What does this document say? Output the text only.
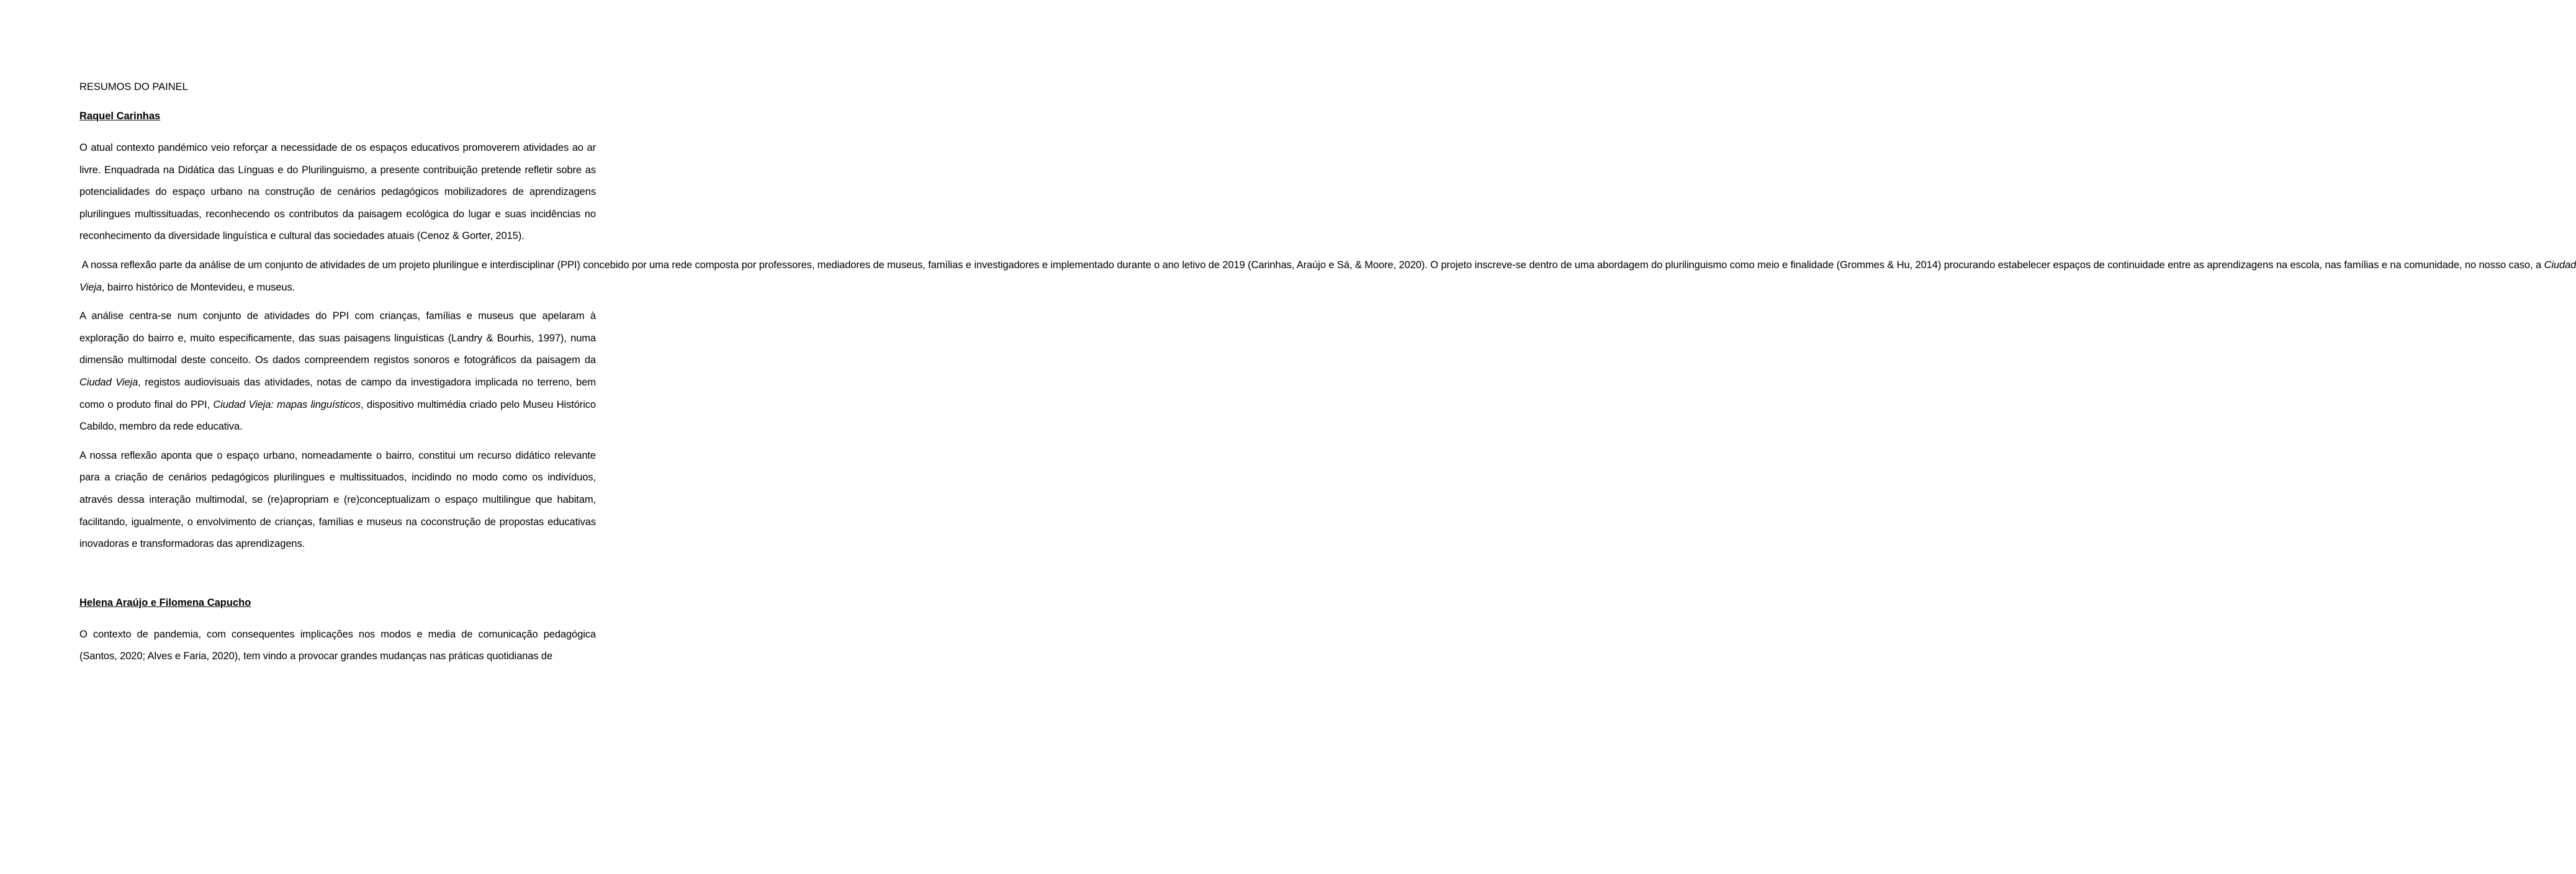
RESUMOS DO PAINEL
Raquel Carinhas

O atual contexto pandémico veio reforçar a necessidade de os espaços educativos promoverem atividades ao ar livre. Enquadrada na Didática das Línguas e do Plurilinguismo, a presente contribuição pretende refletir sobre as potencialidades do espaço urbano na construção de cenários pedagógicos mobilizadores de aprendizagens plurilingues multissituadas, reconhecendo os contributos da paisagem ecológica do lugar e suas incidências no reconhecimento da diversidade linguística e cultural das sociedades atuais (Cenoz & Gorter, 2015).

A nossa reflexão parte da análise de um conjunto de atividades de um projeto plurilingue e interdisciplinar (PPI) concebido por uma rede composta por professores, mediadores de museus, famílias e investigadores e implementado durante o ano letivo de 2019 (Carinhas, Araújo e Sá, & Moore, 2020). O projeto inscreve-se dentro de uma abordagem do plurilinguismo como meio e finalidade (Grommes & Hu, 2014) procurando estabelecer espaços de continuidade entre as aprendizagens na escola, nas famílias e na comunidade, no nosso caso, a Ciudad Vieja, bairro histórico de Montevideu, e museus.

A análise centra-se num conjunto de atividades do PPI com crianças, famílias e museus que apelaram à exploração do bairro e, muito especificamente, das suas paisagens linguísticas (Landry & Bourhis, 1997), numa dimensão multimodal deste conceito. Os dados compreendem registos sonoros e fotográficos da paisagem da Ciudad Vieja, registos audiovisuais das atividades, notas de campo da investigadora implicada no terreno, bem como o produto final do PPI, Ciudad Vieja: mapas linguísticos, dispositivo multimédia criado pelo Museu Histórico Cabildo, membro da rede educativa.

A nossa reflexão aponta que o espaço urbano, nomeadamente o bairro, constitui um recurso didático relevante para a criação de cenários pedagógicos plurilingues e multissituados, incidindo no modo como os indivíduos, através dessa interação multimodal, se (re)apropriam e (re)conceptualizam o espaço multilingue que habitam, facilitando, igualmente, o envolvimento de crianças, famílias e museus na coconstrução de propostas educativas inovadoras e transformadoras das aprendizagens.

Helena Araújo e Filomena Capucho

O contexto de pandemia, com consequentes implicações nos modos e media de comunicação pedagógica (Santos, 2020; Alves e Faria, 2020), tem vindo a provocar grandes mudanças nas práticas quotidianas de
